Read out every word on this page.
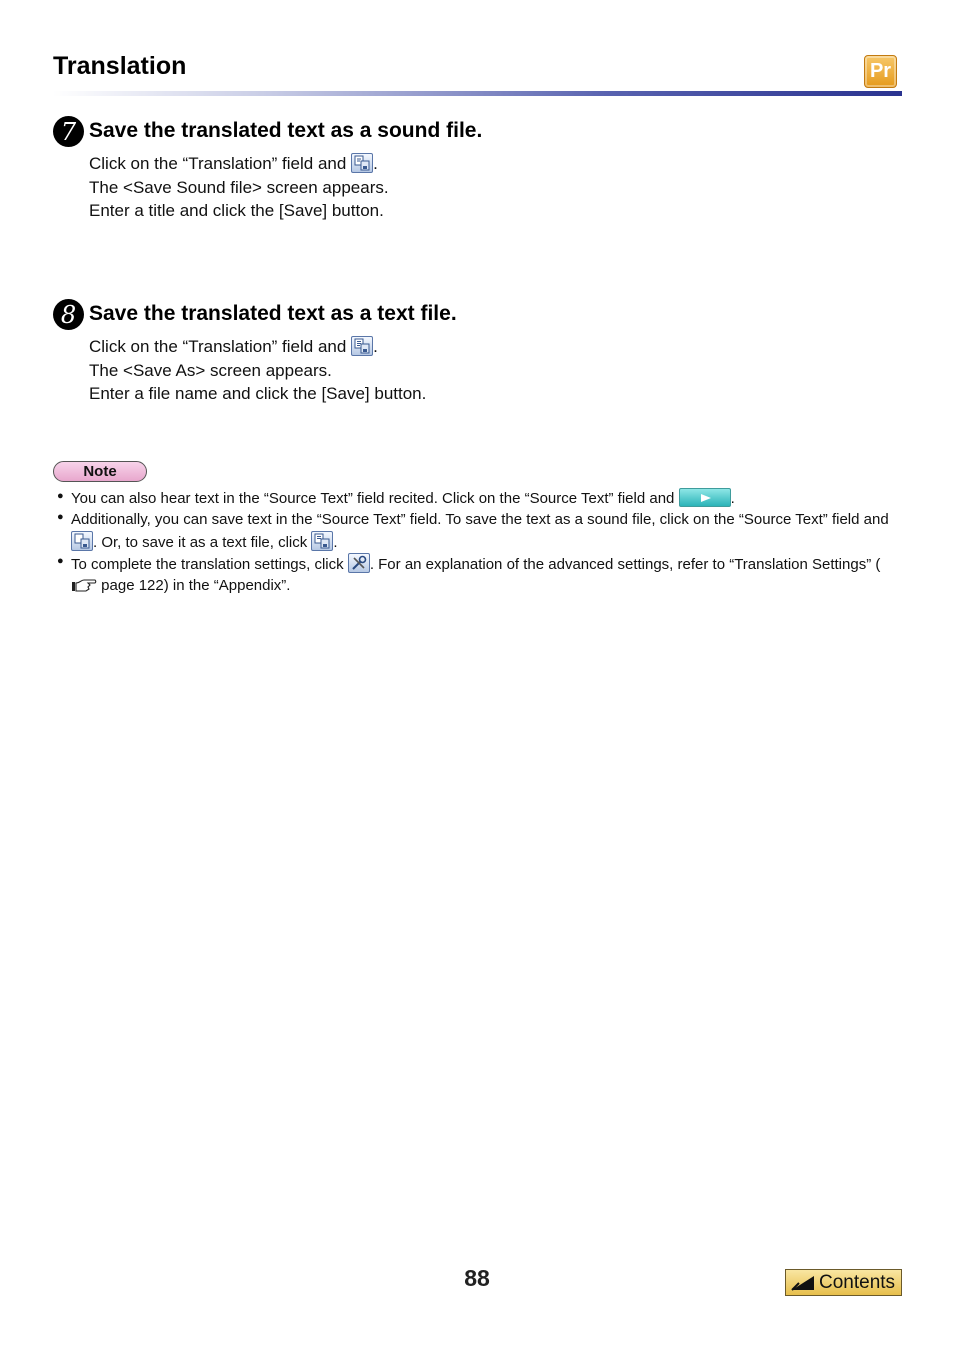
Translation	Pr
7 Save the translated text as a sound file.
Click on the “Translation” field and .
The <Save Sound file> screen appears.
Enter a title and click the [Save] button.
8 Save the translated text as a text file.
Click on the “Translation” field and .
The <Save As> screen appears.
Enter a file name and click the [Save] button.
Note
● You can also hear text in the “Source Text” field recited. Click on the “Source Text” field and	.
● Additionally, you can save text in the “Source Text” field. To save the text as a sound file, click on the “Source Text” field and
. Or, to save it as a text file, click .
● To complete the translation settings, click . For an explanation of the advanced settings, refer to “Translation Settings” ( page 122) in the “Appendix”.
88	Contents
